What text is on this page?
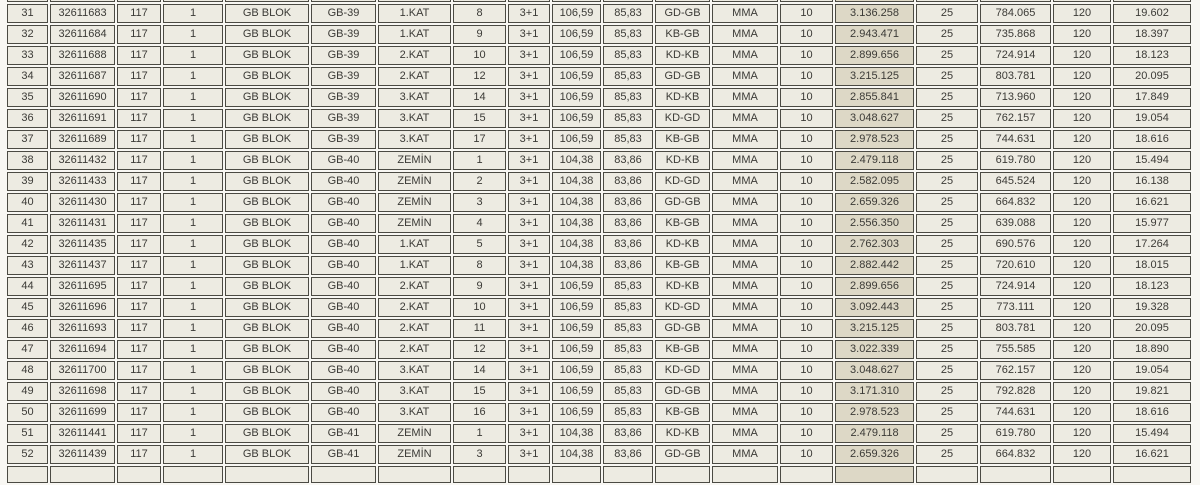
31	32611683	117	1	GB BLOK	GB-39	1.KAT	8	3+1	106,59	85,83	GD-GB	MMA	10	3.136.258	25	784.065	120	19.602
32	32611684	117	1	GB BLOK	GB-39	1.KAT	9	3+1	106,59	85,83	KB-GB	MMA	10	2.943.471	25	735.868	120	18.397
33	32611688	117	1	GB BLOK	GB-39	2.KAT	10	3+1	106,59	85,83	KD-KB	MMA	10	2.899.656	25	724.914	120	18.123
34	32611687	117	1	GB BLOK	GB-39	2.KAT	12	3+1	106,59	85,83	GD-GB	MMA	10	3.215.125	25	803.781	120	20.095
35	32611690	117	1	GB BLOK	GB-39	3.KAT	14	3+1	106,59	85,83	KD-KB	MMA	10	2.855.841	25	713.960	120	17.849
36	32611691	117	1	GB BLOK	GB-39	3.KAT	15	3+1	106,59	85,83	KD-GD	MMA	10	3.048.627	25	762.157	120	19.054
37	32611689	117	1	GB BLOK	GB-39	3.KAT	17	3+1	106,59	85,83	KB-GB	MMA	10	2.978.523	25	744.631	120	18.616
38	32611432	117	1	GB BLOK	GB-40	ZEMİN	1	3+1	104,38	83,86	KD-KB	MMA	10	2.479.118	25	619.780	120	15.494
39	32611433	117	1	GB BLOK	GB-40	ZEMİN	2	3+1	104,38	83,86	KD-GD	MMA	10	2.582.095	25	645.524	120	16.138
40	32611430	117	1	GB BLOK	GB-40	ZEMİN	3	3+1	104,38	83,86	GD-GB	MMA	10	2.659.326	25	664.832	120	16.621
41	32611431	117	1	GB BLOK	GB-40	ZEMİN	4	3+1	104,38	83,86	KB-GB	MMA	10	2.556.350	25	639.088	120	15.977
42	32611435	117	1	GB BLOK	GB-40	1.KAT	5	3+1	104,38	83,86	KD-KB	MMA	10	2.762.303	25	690.576	120	17.264
43	32611437	117	1	GB BLOK	GB-40	1.KAT	8	3+1	104,38	83,86	KB-GB	MMA	10	2.882.442	25	720.610	120	18.015
44	32611695	117	1	GB BLOK	GB-40	2.KAT	9	3+1	106,59	85,83	KD-KB	MMA	10	2.899.656	25	724.914	120	18.123
45	32611696	117	1	GB BLOK	GB-40	2.KAT	10	3+1	106,59	85,83	KD-GD	MMA	10	3.092.443	25	773.111	120	19.328
46	32611693	117	1	GB BLOK	GB-40	2.KAT	11	3+1	106,59	85,83	GD-GB	MMA	10	3.215.125	25	803.781	120	20.095
47	32611694	117	1	GB BLOK	GB-40	2.KAT	12	3+1	106,59	85,83	KB-GB	MMA	10	3.022.339	25	755.585	120	18.890
48	32611700	117	1	GB BLOK	GB-40	3.KAT	14	3+1	106,59	85,83	KD-GD	MMA	10	3.048.627	25	762.157	120	19.054
49	32611698	117	1	GB BLOK	GB-40	3.KAT	15	3+1	106,59	85,83	GD-GB	MMA	10	3.171.310	25	792.828	120	19.821
50	32611699	117	1	GB BLOK	GB-40	3.KAT	16	3+1	106,59	85,83	KB-GB	MMA	10	2.978.523	25	744.631	120	18.616
51	32611441	117	1	GB BLOK	GB-41	ZEMİN	1	3+1	104,38	83,86	KD-KB	MMA	10	2.479.118	25	619.780	120	15.494
52	32611439	117	1	GB BLOK	GB-41	ZEMİN	3	3+1	104,38	83,86	GD-GB	MMA	10	2.659.326	25	664.832	120	16.621
